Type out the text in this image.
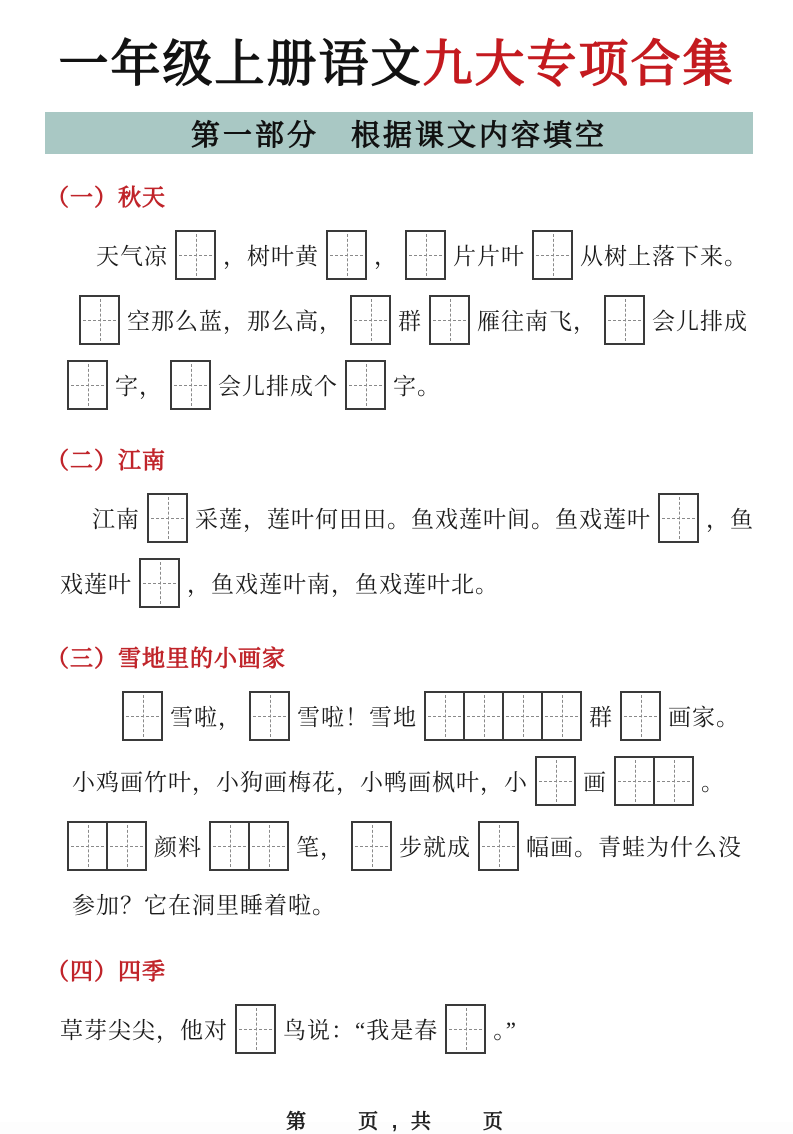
一年级上册语文九大专项合集
第一部分　根据课文内容填空
（一）秋天

天气凉 ，树叶黄 ， 片片叶 从树上落下来。

空那么蓝，那么高， 群 雁往南飞， 会儿排成

字， 会儿排成个 字。

（二）江南

江南 采莲，莲叶何田田。鱼戏莲叶间。鱼戏莲叶 ，鱼

戏莲叶 ，鱼戏莲叶南，鱼戏莲叶北。

（三）雪地里的小画家

雪啦， 雪啦！雪地	群 画家。

小鸡画竹叶，小狗画梅花，小鸭画枫叶，小 画	。

颜料	笔， 步就成 幅画。青蛙为什么没

参加？它在洞里睡着啦。

（四）四季

草芽尖尖，他对 鸟说：“我是春 。”

第　　页 , 共　　页
